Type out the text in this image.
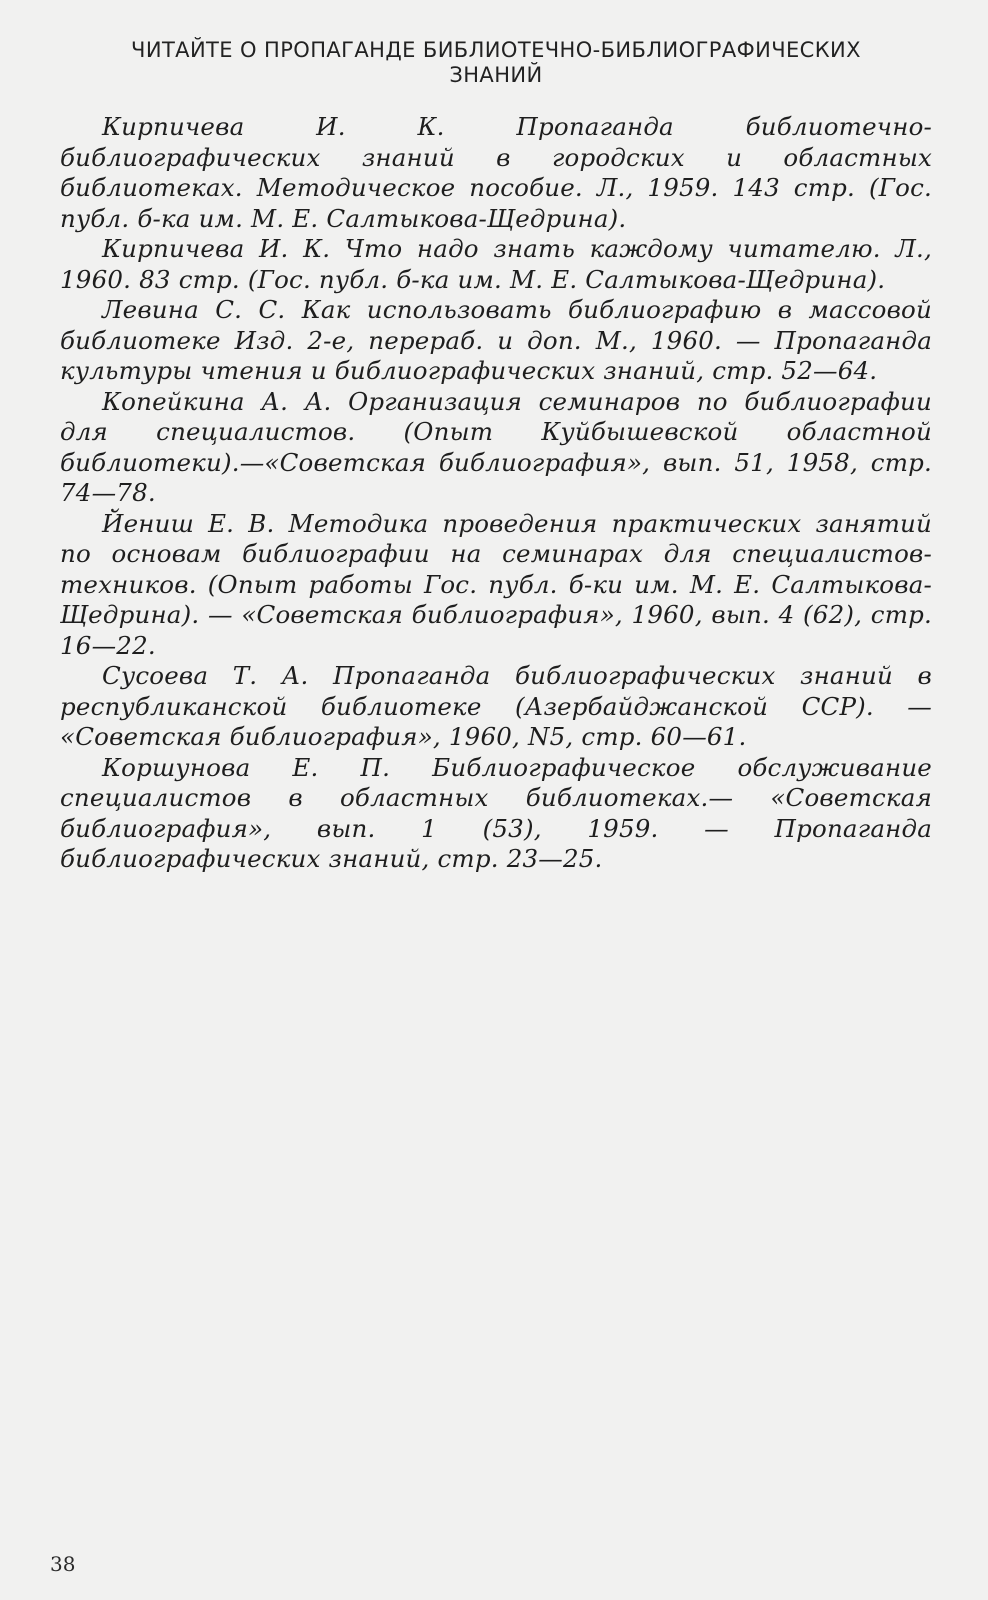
ЧИТАЙТЕ О ПРОПАГАНДЕ БИБЛИОТЕЧНО-БИБЛИОГРАФИЧЕСКИХ
ЗНАНИЙ

Кирпичева И. К. Пропаганда библиотечно-библиографических знаний в городских и областных библиотеках. Методическое пособие. Л., 1959. 143 стр. (Гос. публ. б-ка им. М. Е. Салтыкова-Щедрина).

Кирпичева И. К. Что надо знать каждому читателю. Л., 1960. 83 стр. (Гос. публ. б-ка им. М. Е. Салтыкова-Щедрина).

Левина С. С. Как использовать библиографию в массовой библиотеке Изд. 2-е, перераб. и доп. М., 1960. — Пропаганда культуры чтения и библиографических знаний, стр. 52—64.

Копейкина А. А. Организация семинаров по библиографии для специалистов. (Опыт Куйбышевской областной библиотеки).—«Советская библиография», вып. 51, 1958, стр. 74—78.

Йениш Е. В. Методика проведения практических занятий по основам библиографии на семинарах для специалистов-техников. (Опыт работы Гос. публ. б-ки им. М. Е. Салтыкова-Щедрина). — «Советская библиография», 1960, вып. 4 (62), стр. 16—22.

Сусоева Т. А. Пропаганда библиографических знаний в республиканской библиотеке (Азербайджанской ССР). — «Советская библиография», 1960, N5, стр. 60—61.

Коршунова Е. П. Библиографическое обслуживание специалистов в областных библиотеках.— «Советская библиография», вып. 1 (53), 1959. — Пропаганда библиографических знаний, стр. 23—25.

38
